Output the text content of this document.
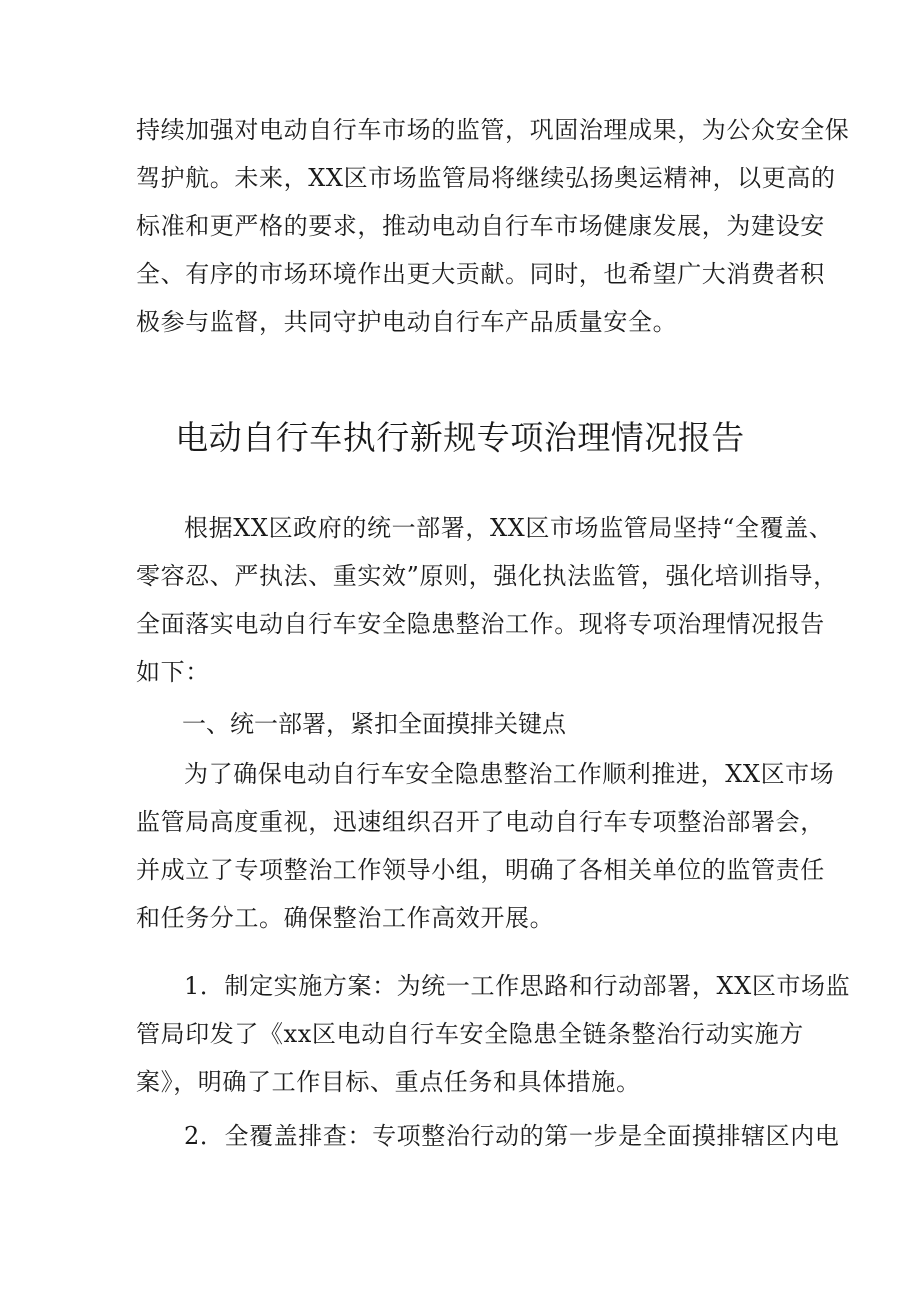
持续加强对电动自行车市场的监管，巩固治理成果，为公众安全保
驾护航。未来，XX区市场监管局将继续弘扬奥运精神，以更高的
标准和更严格的要求，推动电动自行车市场健康发展，为建设安
全、有序的市场环境作出更大贡献。同时，也希望广大消费者积
极参与监督，共同守护电动自行车产品质量安全。
电动自行车执行新规专项治理情况报告
根据XX区政府的统一部署，XX区市场监管局坚持“全覆盖、
零容忍、严执法、重实效”原则，强化执法监管，强化培训指导，
全面落实电动自行车安全隐患整治工作。现将专项治理情况报告
如下：
一、统一部署，紧扣全面摸排关键点
为了确保电动自行车安全隐患整治工作顺利推进，XX区市场
监管局高度重视，迅速组织召开了电动自行车专项整治部署会，
并成立了专项整治工作领导小组，明确了各相关单位的监管责任
和任务分工。确保整治工作高效开展。
1．制定实施方案：为统一工作思路和行动部署，XX区市场监
管局印发了《xx区电动自行车安全隐患全链条整治行动实施方
案》，明确了工作目标、重点任务和具体措施。
2．全覆盖排查：专项整治行动的第一步是全面摸排辖区内电
